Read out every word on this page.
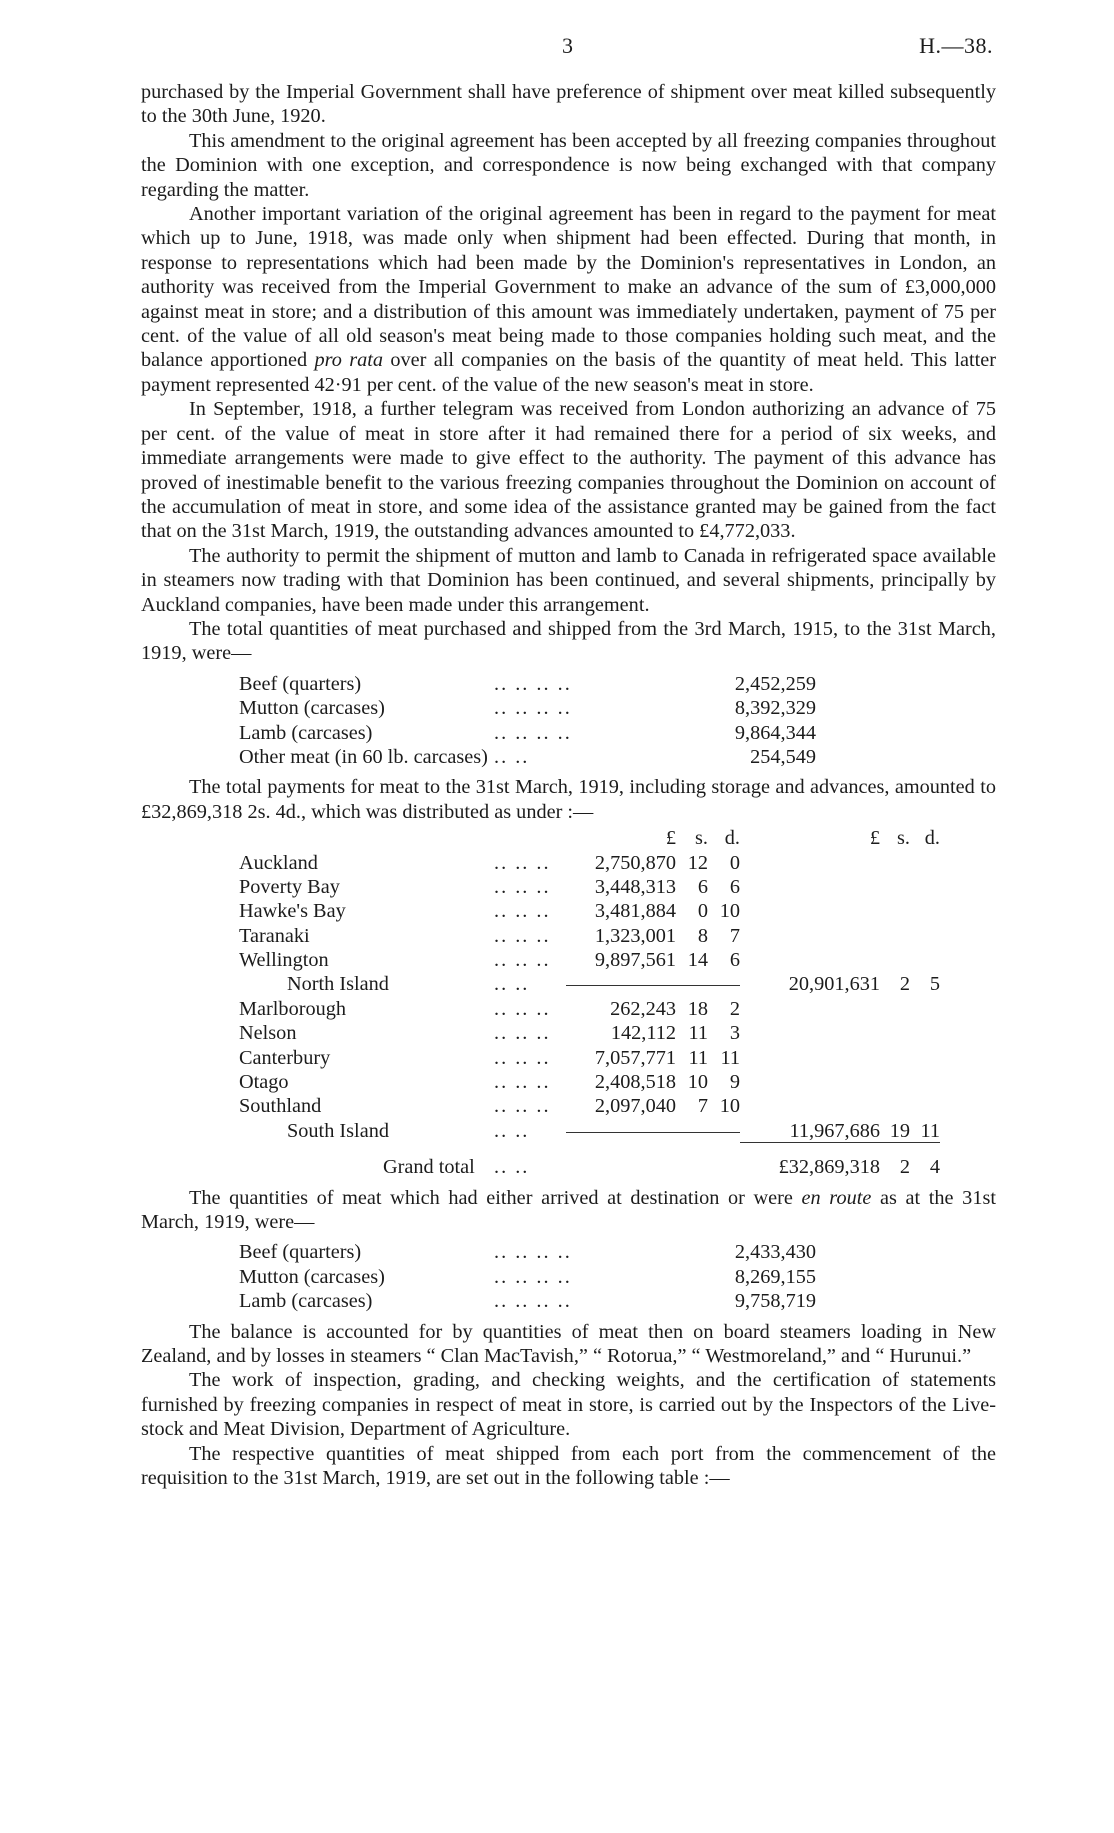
3	H.—38.

purchased by the Imperial Government shall have preference of shipment over meat killed subsequently to the 30th June, 1920.

This amendment to the original agreement has been accepted by all freezing companies throughout the Dominion with one exception, and correspondence is now being exchanged with that company regarding the matter.

Another important variation of the original agreement has been in regard to the payment for meat which up to June, 1918, was made only when shipment had been effected. During that month, in response to representations which had been made by the Dominion's representatives in London, an authority was received from the Imperial Government to make an advance of the sum of £3,000,000 against meat in store; and a distribution of this amount was immediately undertaken, payment of 75 per cent. of the value of all old season's meat being made to those companies holding such meat, and the balance apportioned pro rata over all companies on the basis of the quantity of meat held. This latter payment represented 42·91 per cent. of the value of the new season's meat in store.

In September, 1918, a further telegram was received from London authorizing an advance of 75 per cent. of the value of meat in store after it had remained there for a period of six weeks, and immediate arrangements were made to give effect to the authority. The payment of this advance has proved of inestimable benefit to the various freezing companies throughout the Dominion on account of the accumulation of meat in store, and some idea of the assistance granted may be gained from the fact that on the 31st March, 1919, the outstanding advances amounted to £4,772,033.

The authority to permit the shipment of mutton and lamb to Canada in refrigerated space available in steamers now trading with that Dominion has been continued, and several shipments, principally by Auckland companies, have been made under this arrangement.

The total quantities of meat purchased and shipped from the 3rd March, 1915, to the 31st March, 1919, were—

Beef (quarters)	.. .. .. ..	2,452,259
Mutton (carcases)	.. .. .. ..	8,392,329
Lamb (carcases)	.. .. .. ..	9,864,344
Other meat (in 60 lb. carcases) .. ..	254,549

The total payments for meat to the 31st March, 1919, including storage and advances, amounted to £32,869,318 2s. 4d., which was distributed as under :—

£ s. d.	£ s. d.
Auckland	.. .. ..	2,750,870 12	0
Poverty Bay	.. .. ..	3,448,313	6	6
Hawke's Bay	.. .. ..	3,481,884	0 10
Taranaki	.. .. ..	1,323,001	8	7
Wellington	.. .. ..	9,897,561 14	6
North Island	.. ..	20,901,631 2 5
Marlborough	.. .. ..	262,243 18	2
Nelson	.. .. ..	142,112 11	3
Canterbury	.. .. ..	7,057,771 11 11
Otago	.. .. ..	2,408,518 10	9
Southland	.. .. ..	2,097,040	7 10
South Island	.. ..	11,967,686 19 11
Grand total .. ..	£32,869,318 2 4

The quantities of meat which had either arrived at destination or were en route as at the 31st March, 1919, were—

Beef (quarters)	.. .. .. ..	2,433,430
Mutton (carcases)	.. .. .. ..	8,269,155
Lamb (carcases)	.. .. .. ..	9,758,719

The balance is accounted for by quantities of meat then on board steamers loading in New Zealand, and by losses in steamers “ Clan MacTavish,” “ Rotorua,” “ Westmoreland,” and “ Hurunui.”

The work of inspection, grading, and checking weights, and the certification of statements furnished by freezing companies in respect of meat in store, is carried out by the Inspectors of the Live-stock and Meat Division, Department of Agriculture.

The respective quantities of meat shipped from each port from the commencement of the requisition to the 31st March, 1919, are set out in the following table :—
